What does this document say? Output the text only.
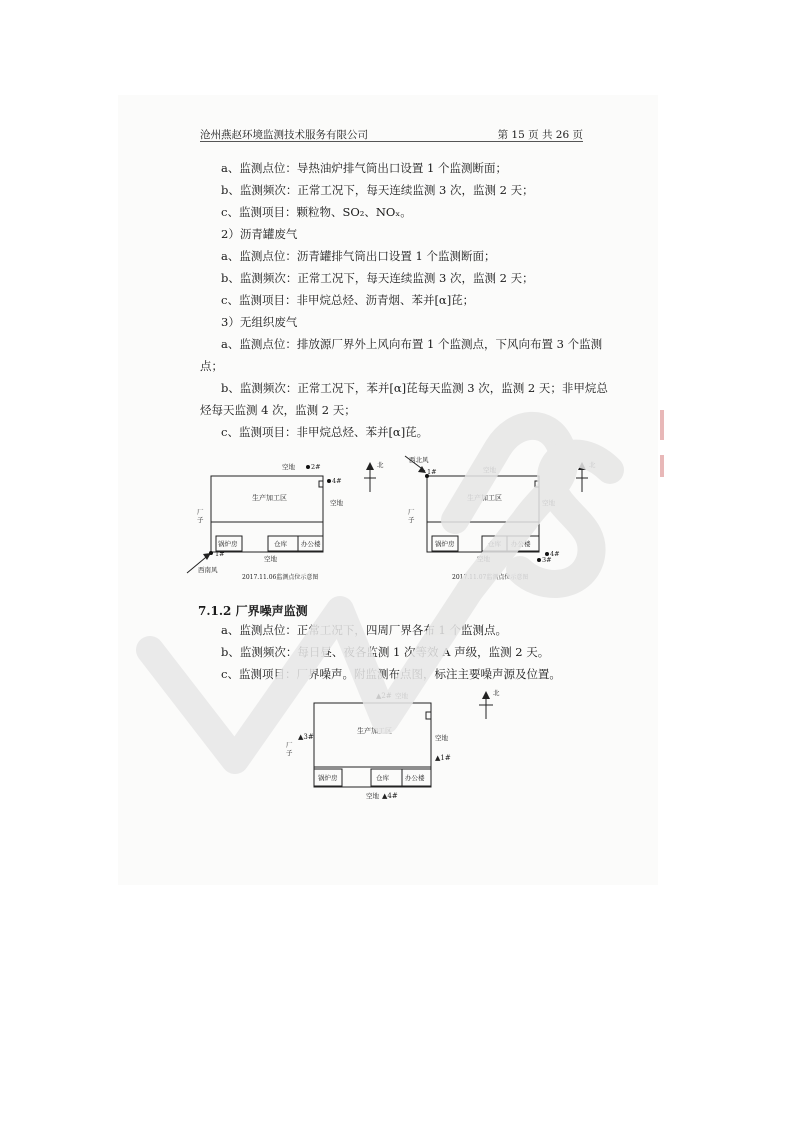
沧州燕赵环境监测技术服务有限公司	第 15 页 共 26 页
a、监测点位：导热油炉排气筒出口设置 1 个监测断面；
b、监测频次：正常工况下，每天连续监测 3 次，监测 2 天；
c、监测项目：颗粒物、SO₂、NOₓ。
2）沥青罐废气
a、监测点位：沥青罐排气筒出口设置 1 个监测断面；
b、监测频次：正常工况下，每天连续监测 3 次，监测 2 天；
c、监测项目：非甲烷总烃、沥青烟、苯并[α]芘；
3）无组织废气
a、监测点位：排放源厂界外上风向布置 1 个监测点，下风向布置 3 个监测
点；
b、监测频次：正常工况下，苯并[α]芘每天监测 3 次，监测 2 天；非甲烷总
烃每天监测 4 次，监测 2 天；
c、监测项目：非甲烷总烃、苯并[α]芘。
空地 2#
4#
北
生产加工区
空地
厂子
锅炉房	仓库 办公楼
1#
空地
西南风
2017.11.06监测点位示意图
西北风
1#	空地
北
生产加工区
空地
厂子
锅炉房	仓库 办公楼
4#
3#
空地
2017.11.07监测点位示意图
7.1.2 厂界噪声监测
a、监测点位：正常工况下，四周厂界各布 1 个监测点。
b、监测频次：每日昼、夜各监测 1 次等效 A 声级，监测 2 天。
c、监测项目：厂界噪声。附监测布点图，标注主要噪声源及位置。
北
▲2# 空地
生产加工区
▲3#
厂子
空地
▲1#
锅炉房	仓库 办公楼
空地 ▲4#
